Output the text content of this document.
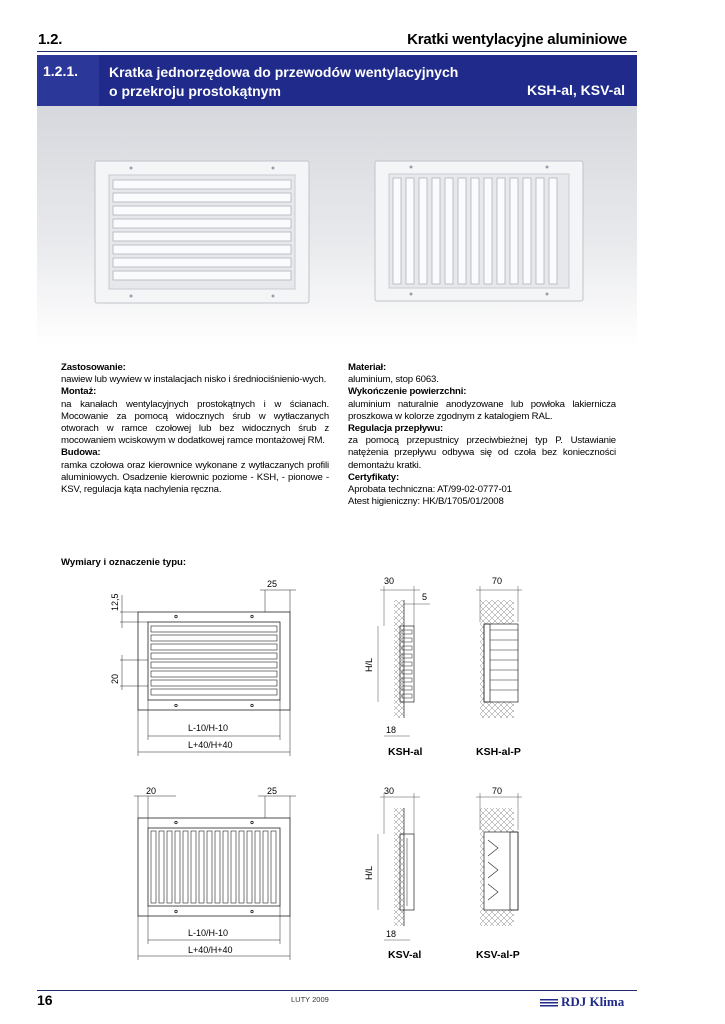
1.2.	Kratki wentylacyjne aluminiowe
1.2.1. Kratka jednorzędowa do przewodów wentylacyjnych
o przekroju prostokątnym	KSH-al, KSV-al
Zastosowanie:

nawiew lub wywiew w instalacjach nisko i średniociśnienio-wych.

Montaż:

na kanałach wentylacyjnych prostokątnych i w ścianach. Mocowanie za pomocą widocznych śrub w wytłaczanych otworach w ramce czołowej lub bez widocznych śrub z mocowaniem wciskowym w dodatkowej ramce montażowej RM.

Budowa:

ramka czołowa oraz kierownice wykonane z wytłaczanych profili aluminiowych. Osadzenie kierownic poziome - KSH, - pionowe - KSV, regulacja kąta nachylenia ręczna.

Materiał:

aluminium, stop 6063.

Wykończenie powierzchni:

aluminium naturalnie anodyzowane lub powłoka lakiernicza proszkowa w kolorze zgodnym z katalogiem RAL.

Regulacja przepływu:

za pomocą przepustnicy przeciwbieżnej typ P. Ustawianie natężenia przepływu odbywa się od czoła bez konieczności demontażu kratki.

Certyfikaty:

Aprobata techniczna: AT/99-02-0777-01

Atest higieniczny: HK/B/1705/01/2008

Wymiary i oznaczenie typu:
25
12,5
20
L-10/H-10
L+40/H+40
30
5
H/L
18
70
20	25
L-10/H-10
L+40/H+40
30
H/L
18
70
KSH-al	KSH-al-P
KSV-al	KSV-al-P
16	LUTY 2009	RDJ Klima
